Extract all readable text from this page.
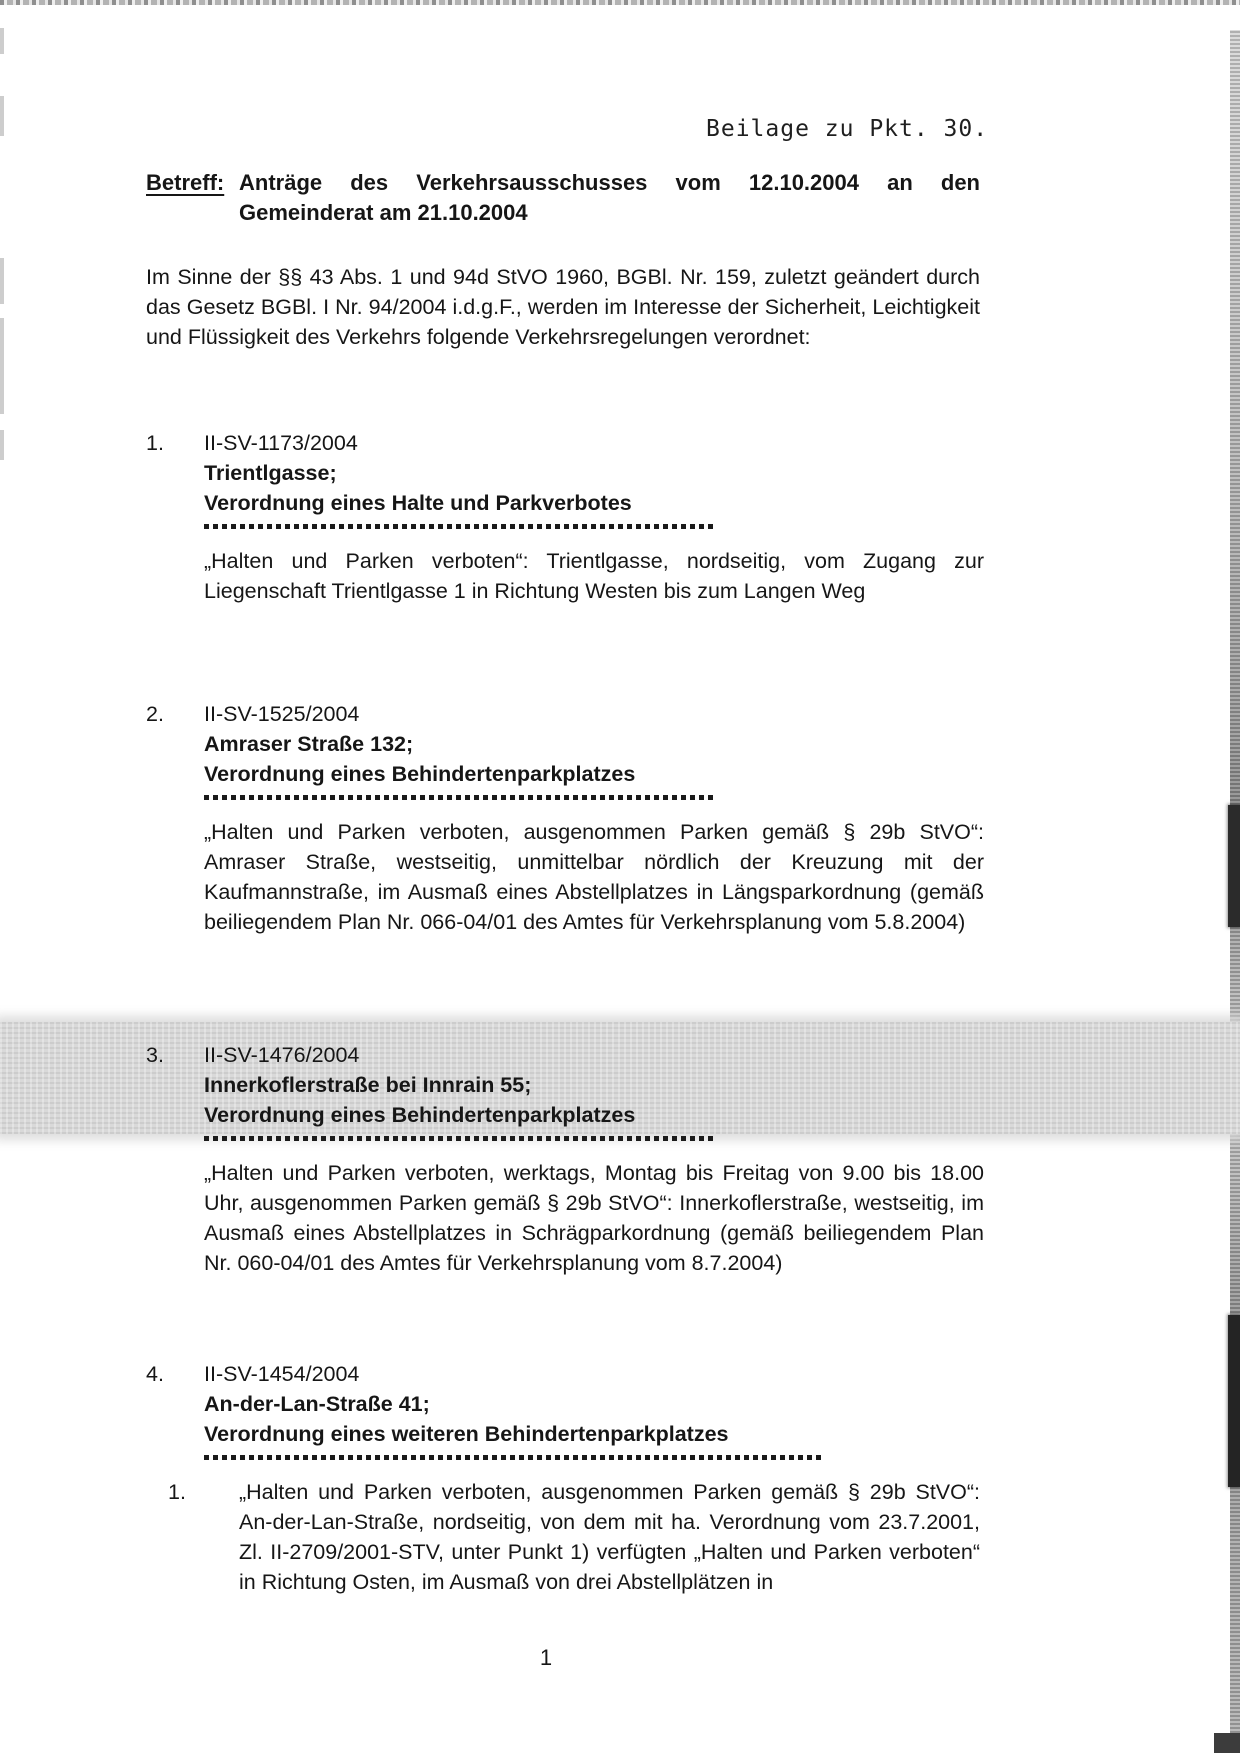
Beilage zu Pkt. 30.
Betreff: Anträge des Verkehrsausschusses vom 12.10.2004 an den
Gemeinderat am 21.10.2004
Im Sinne der §§ 43 Abs. 1 und 94d StVO 1960, BGBl. Nr. 159, zuletzt geändert durch das Gesetz BGBl. I Nr. 94/2004 i.d.g.F., werden im Interesse der Sicherheit, Leichtigkeit und Flüssigkeit des Verkehrs folgende Verkehrsregelungen verordnet:
1. II-SV-1173/2004
Trientlgasse;
Verordnung eines Halte und Parkverbotes
„Halten und Parken verboten“: Trientlgasse, nordseitig, vom Zugang zur Liegenschaft Trientlgasse 1 in Richtung Westen bis zum Langen Weg
2. II-SV-1525/2004
Amraser Straße 132;
Verordnung eines Behindertenparkplatzes
„Halten und Parken verboten, ausgenommen Parken gemäß § 29b StVO“: Amraser Straße, westseitig, unmittelbar nördlich der Kreuzung mit der Kaufmannstraße, im Ausmaß eines Abstellplatzes in Längsparkordnung (gemäß beiliegendem Plan Nr. 066-04/01 des Amtes für Verkehrsplanung vom 5.8.2004)
3. II-SV-1476/2004
Innerkoflerstraße bei Innrain 55;
Verordnung eines Behindertenparkplatzes
„Halten und Parken verboten, werktags, Montag bis Freitag von 9.00 bis 18.00 Uhr, ausgenommen Parken gemäß § 29b StVO“: Innerkoflerstraße, westseitig, im Ausmaß eines Abstellplatzes in Schrägparkordnung (gemäß beiliegendem Plan Nr. 060-04/01 des Amtes für Verkehrsplanung vom 8.7.2004)
4. II-SV-1454/2004
An-der-Lan-Straße 41;
Verordnung eines weiteren Behindertenparkplatzes
1. „Halten und Parken verboten, ausgenommen Parken gemäß § 29b StVO“: An-der-Lan-Straße, nordseitig, von dem mit ha. Verordnung vom 23.7.2001, Zl. II-2709/2001-STV, unter Punkt 1) verfügten „Halten und Parken verboten“ in Richtung Osten, im Ausmaß von drei Abstellplätzen in
1
